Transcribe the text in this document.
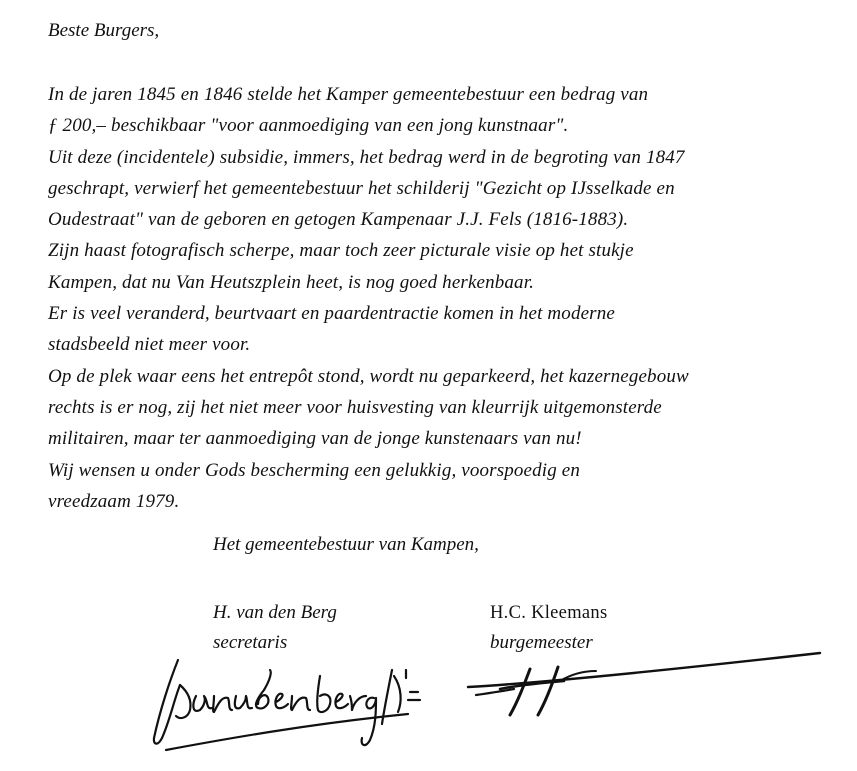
Beste Burgers,
In de jaren 1845 en 1846 stelde het Kamper gemeentebestuur een bedrag van
ƒ 200,– beschikbaar "voor aanmoediging van een jong kunstnaar".
Uit deze (incidentele) subsidie, immers, het bedrag werd in de begroting van 1847
geschrapt, verwierf het gemeentebestuur het schilderij "Gezicht op IJsselkade en
Oudestraat" van de geboren en getogen Kampenaar J.J. Fels (1816-1883).
Zijn haast fotografisch scherpe, maar toch zeer picturale visie op het stukje
Kampen, dat nu Van Heutszplein heet, is nog goed herkenbaar.
Er is veel veranderd, beurtvaart en paardentractie komen in het moderne
stadsbeeld niet meer voor.
Op de plek waar eens het entrepôt stond, wordt nu geparkeerd, het kazernegebouw
rechts is er nog, zij het niet meer voor huisvesting van kleurrijk uitgemonsterde
militairen, maar ter aanmoediging van de jonge kunstenaars van nu!
Wij wensen u onder Gods bescherming een gelukkig, voorspoedig en
vreedzaam 1979.
Het gemeentebestuur van Kampen,
H. van den Berg
secretaris
H.C. Kleemans
burgemeester
